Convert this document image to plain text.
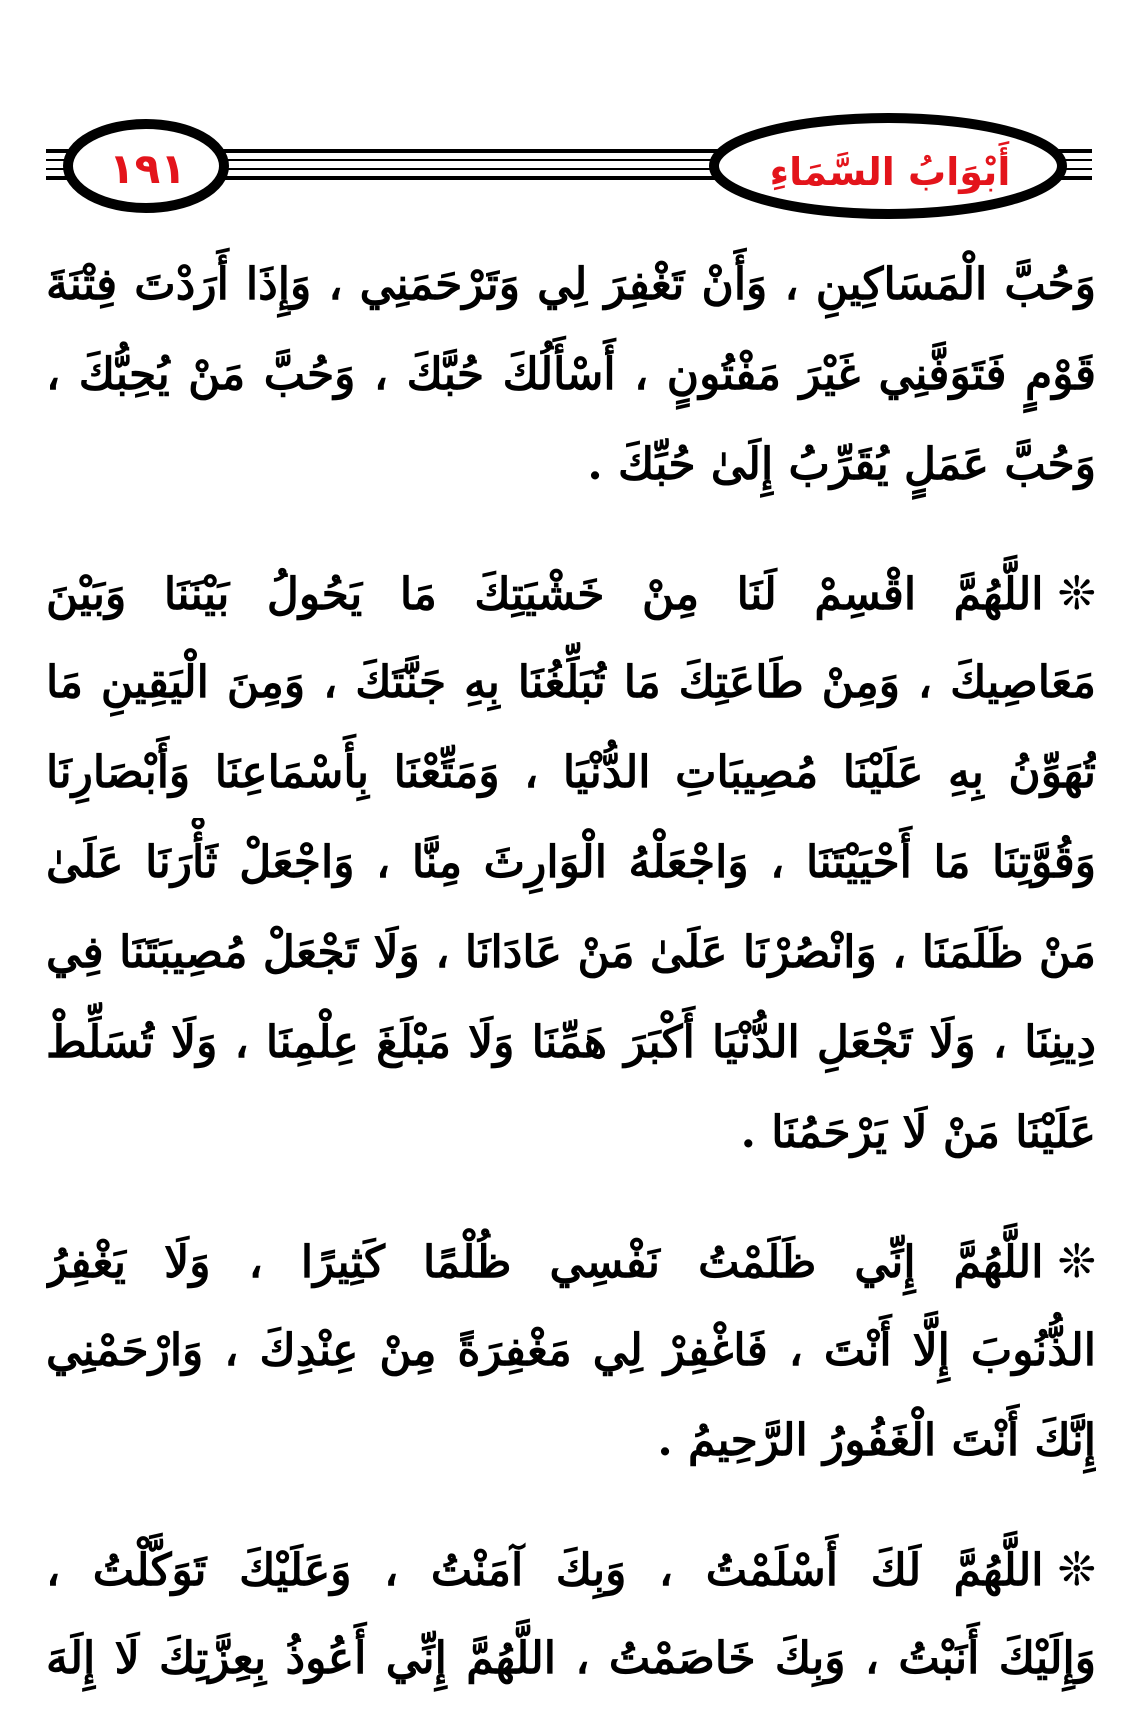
١٩١	أَبْوَابُ السَّمَاءِ
وَحُبَّ الْمَسَاكِينِ ، وَأَنْ تَغْفِرَ لِي وَتَرْحَمَنِي ، وَإِذَا أَرَدْتَ فِتْنَةَ
قَوْمٍ فَتَوَفَّنِي غَيْرَ مَفْتُونٍ ، أَسْأَلُكَ حُبَّكَ ، وَحُبَّ مَنْ يُحِبُّكَ ،
وَحُبَّ عَمَلٍ يُقَرِّبُ إِلَىٰ حُبِّكَ .
❊اللَّهُمَّ اقْسِمْ لَنَا مِنْ خَشْيَتِكَ مَا يَحُولُ بَيْنَنَا وَبَيْنَ
مَعَاصِيكَ ، وَمِنْ طَاعَتِكَ مَا تُبَلِّغُنَا بِهِ جَنَّتَكَ ، وَمِنَ الْيَقِينِ مَا
تُهَوِّنُ بِهِ عَلَيْنَا مُصِيبَاتِ الدُّنْيَا ، وَمَتِّعْنَا بِأَسْمَاعِنَا وَأَبْصَارِنَا
وَقُوَّتِنَا مَا أَحْيَيْتَنَا ، وَاجْعَلْهُ الْوَارِثَ مِنَّا ، وَاجْعَلْ ثَأْرَنَا عَلَىٰ
مَنْ ظَلَمَنَا ، وَانْصُرْنَا عَلَىٰ مَنْ عَادَانَا ، وَلَا تَجْعَلْ مُصِيبَتَنَا فِي
دِينِنَا ، وَلَا تَجْعَلِ الدُّنْيَا أَكْبَرَ هَمِّنَا وَلَا مَبْلَغَ عِلْمِنَا ، وَلَا تُسَلِّطْ
عَلَيْنَا مَنْ لَا يَرْحَمُنَا .
❊اللَّهُمَّ إِنِّي ظَلَمْتُ نَفْسِي ظُلْمًا كَثِيرًا ، وَلَا يَغْفِرُ
الذُّنُوبَ إِلَّا أَنْتَ ، فَاغْفِرْ لِي مَغْفِرَةً مِنْ عِنْدِكَ ، وَارْحَمْنِي
إِنَّكَ أَنْتَ الْغَفُورُ الرَّحِيمُ .
❊اللَّهُمَّ لَكَ أَسْلَمْتُ ، وَبِكَ آمَنْتُ ، وَعَلَيْكَ تَوَكَّلْتُ ،
وَإِلَيْكَ أَنَبْتُ ، وَبِكَ خَاصَمْتُ ، اللَّهُمَّ إِنِّي أَعُوذُ بِعِزَّتِكَ لَا إِلَهَ
